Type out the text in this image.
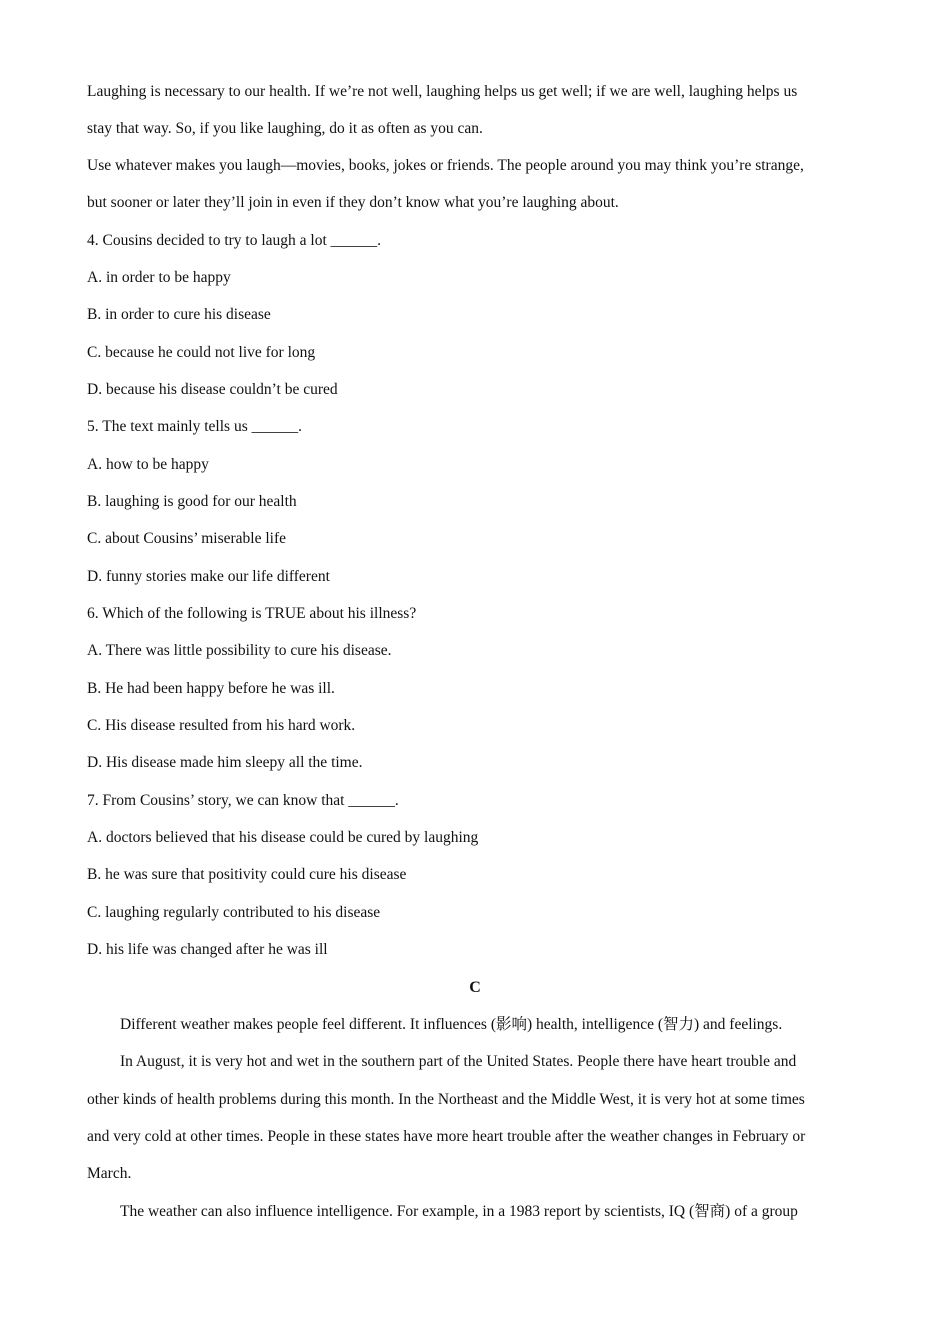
Laughing is necessary to our health. If we’re not well, laughing helps us get well; if we are well, laughing helps us
stay that way. So, if you like laughing, do it as often as you can.
Use whatever makes you laugh—movies, books, jokes or friends. The people around you may think you’re strange,
but sooner or later they’ll join in even if they don’t know what you’re laughing about.
4. Cousins decided to try to laugh a lot ______.
A. in order to be happy
B. in order to cure his disease
C. because he could not live for long
D. because his disease couldn’t be cured
5. The text mainly tells us ______.
A. how to be happy
B. laughing is good for our health
C. about Cousins’ miserable life
D. funny stories make our life different
6. Which of the following is TRUE about his illness?
A. There was little possibility to cure his disease.
B. He had been happy before he was ill.
C. His disease resulted from his hard work.
D. His disease made him sleepy all the time.
7. From Cousins’ story, we can know that ______.
A. doctors believed that his disease could be cured by laughing
B. he was sure that positivity could cure his disease
C. laughing regularly contributed to his disease
D. his life was changed after he was ill
C
Different weather makes people feel different. It influences (影响) health, intelligence (智力) and feelings.
In August, it is very hot and wet in the southern part of the United States. People there have heart trouble and
other kinds of health problems during this month. In the Northeast and the Middle West, it is very hot at some times
and very cold at other times. People in these states have more heart trouble after the weather changes in February or
March.
The weather can also influence intelligence. For example, in a 1983 report by scientists, IQ (智商) of a group
